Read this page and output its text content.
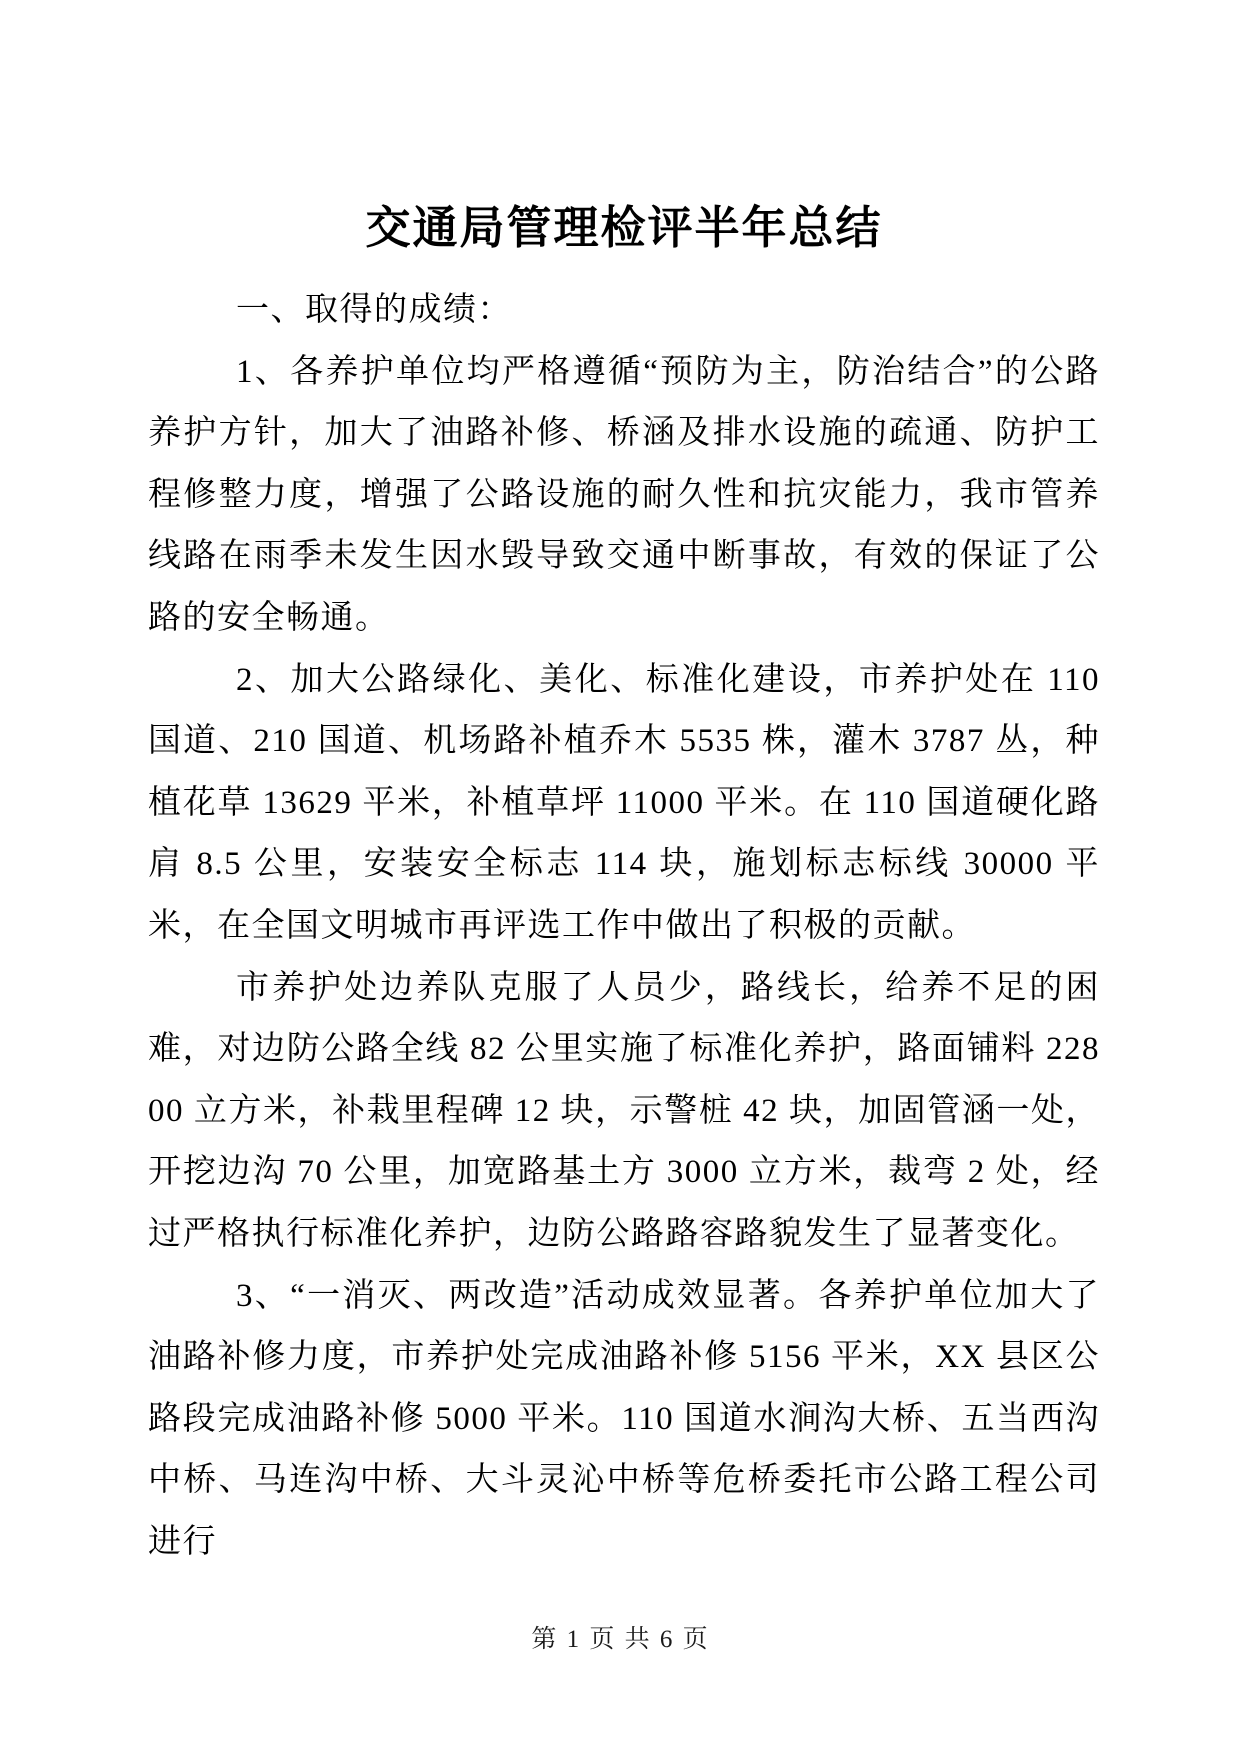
交通局管理检评半年总结

一、取得的成绩：

1、各养护单位均严格遵循“预防为主，防治结合”的公路养护方针，加大了油路补修、桥涵及排水设施的疏通、防护工程修整力度，增强了公路设施的耐久性和抗灾能力，我市管养线路在雨季未发生因水毁导致交通中断事故，有效的保证了公路的安全畅通。

2、加大公路绿化、美化、标准化建设，市养护处在 110 国道、210 国道、机场路补植乔木 5535 株，灌木 3787 丛，种植花草 13629 平米，补植草坪 11000 平米。在 110 国道硬化路肩 8.5 公里，安装安全标志 114 块，施划标志标线 30000 平米，在全国文明城市再评选工作中做出了积极的贡献。

市养护处边养队克服了人员少，路线长，给养不足的困难，对边防公路全线 82 公里实施了标准化养护，路面铺料 22800 立方米，补栽里程碑 12 块，示警桩 42 块，加固管涵一处，开挖边沟 70 公里，加宽路基土方 3000 立方米，裁弯 2 处，经过严格执行标准化养护，边防公路路容路貌发生了显著变化。

3、“一消灭、两改造”活动成效显著。各养护单位加大了油路补修力度，市养护处完成油路补修 5156 平米，XX 县区公路段完成油路补修 5000 平米。110 国道水涧沟大桥、五当西沟中桥、马连沟中桥、大斗灵沁中桥等危桥委托市公路工程公司进行

第 1 页 共 6 页
